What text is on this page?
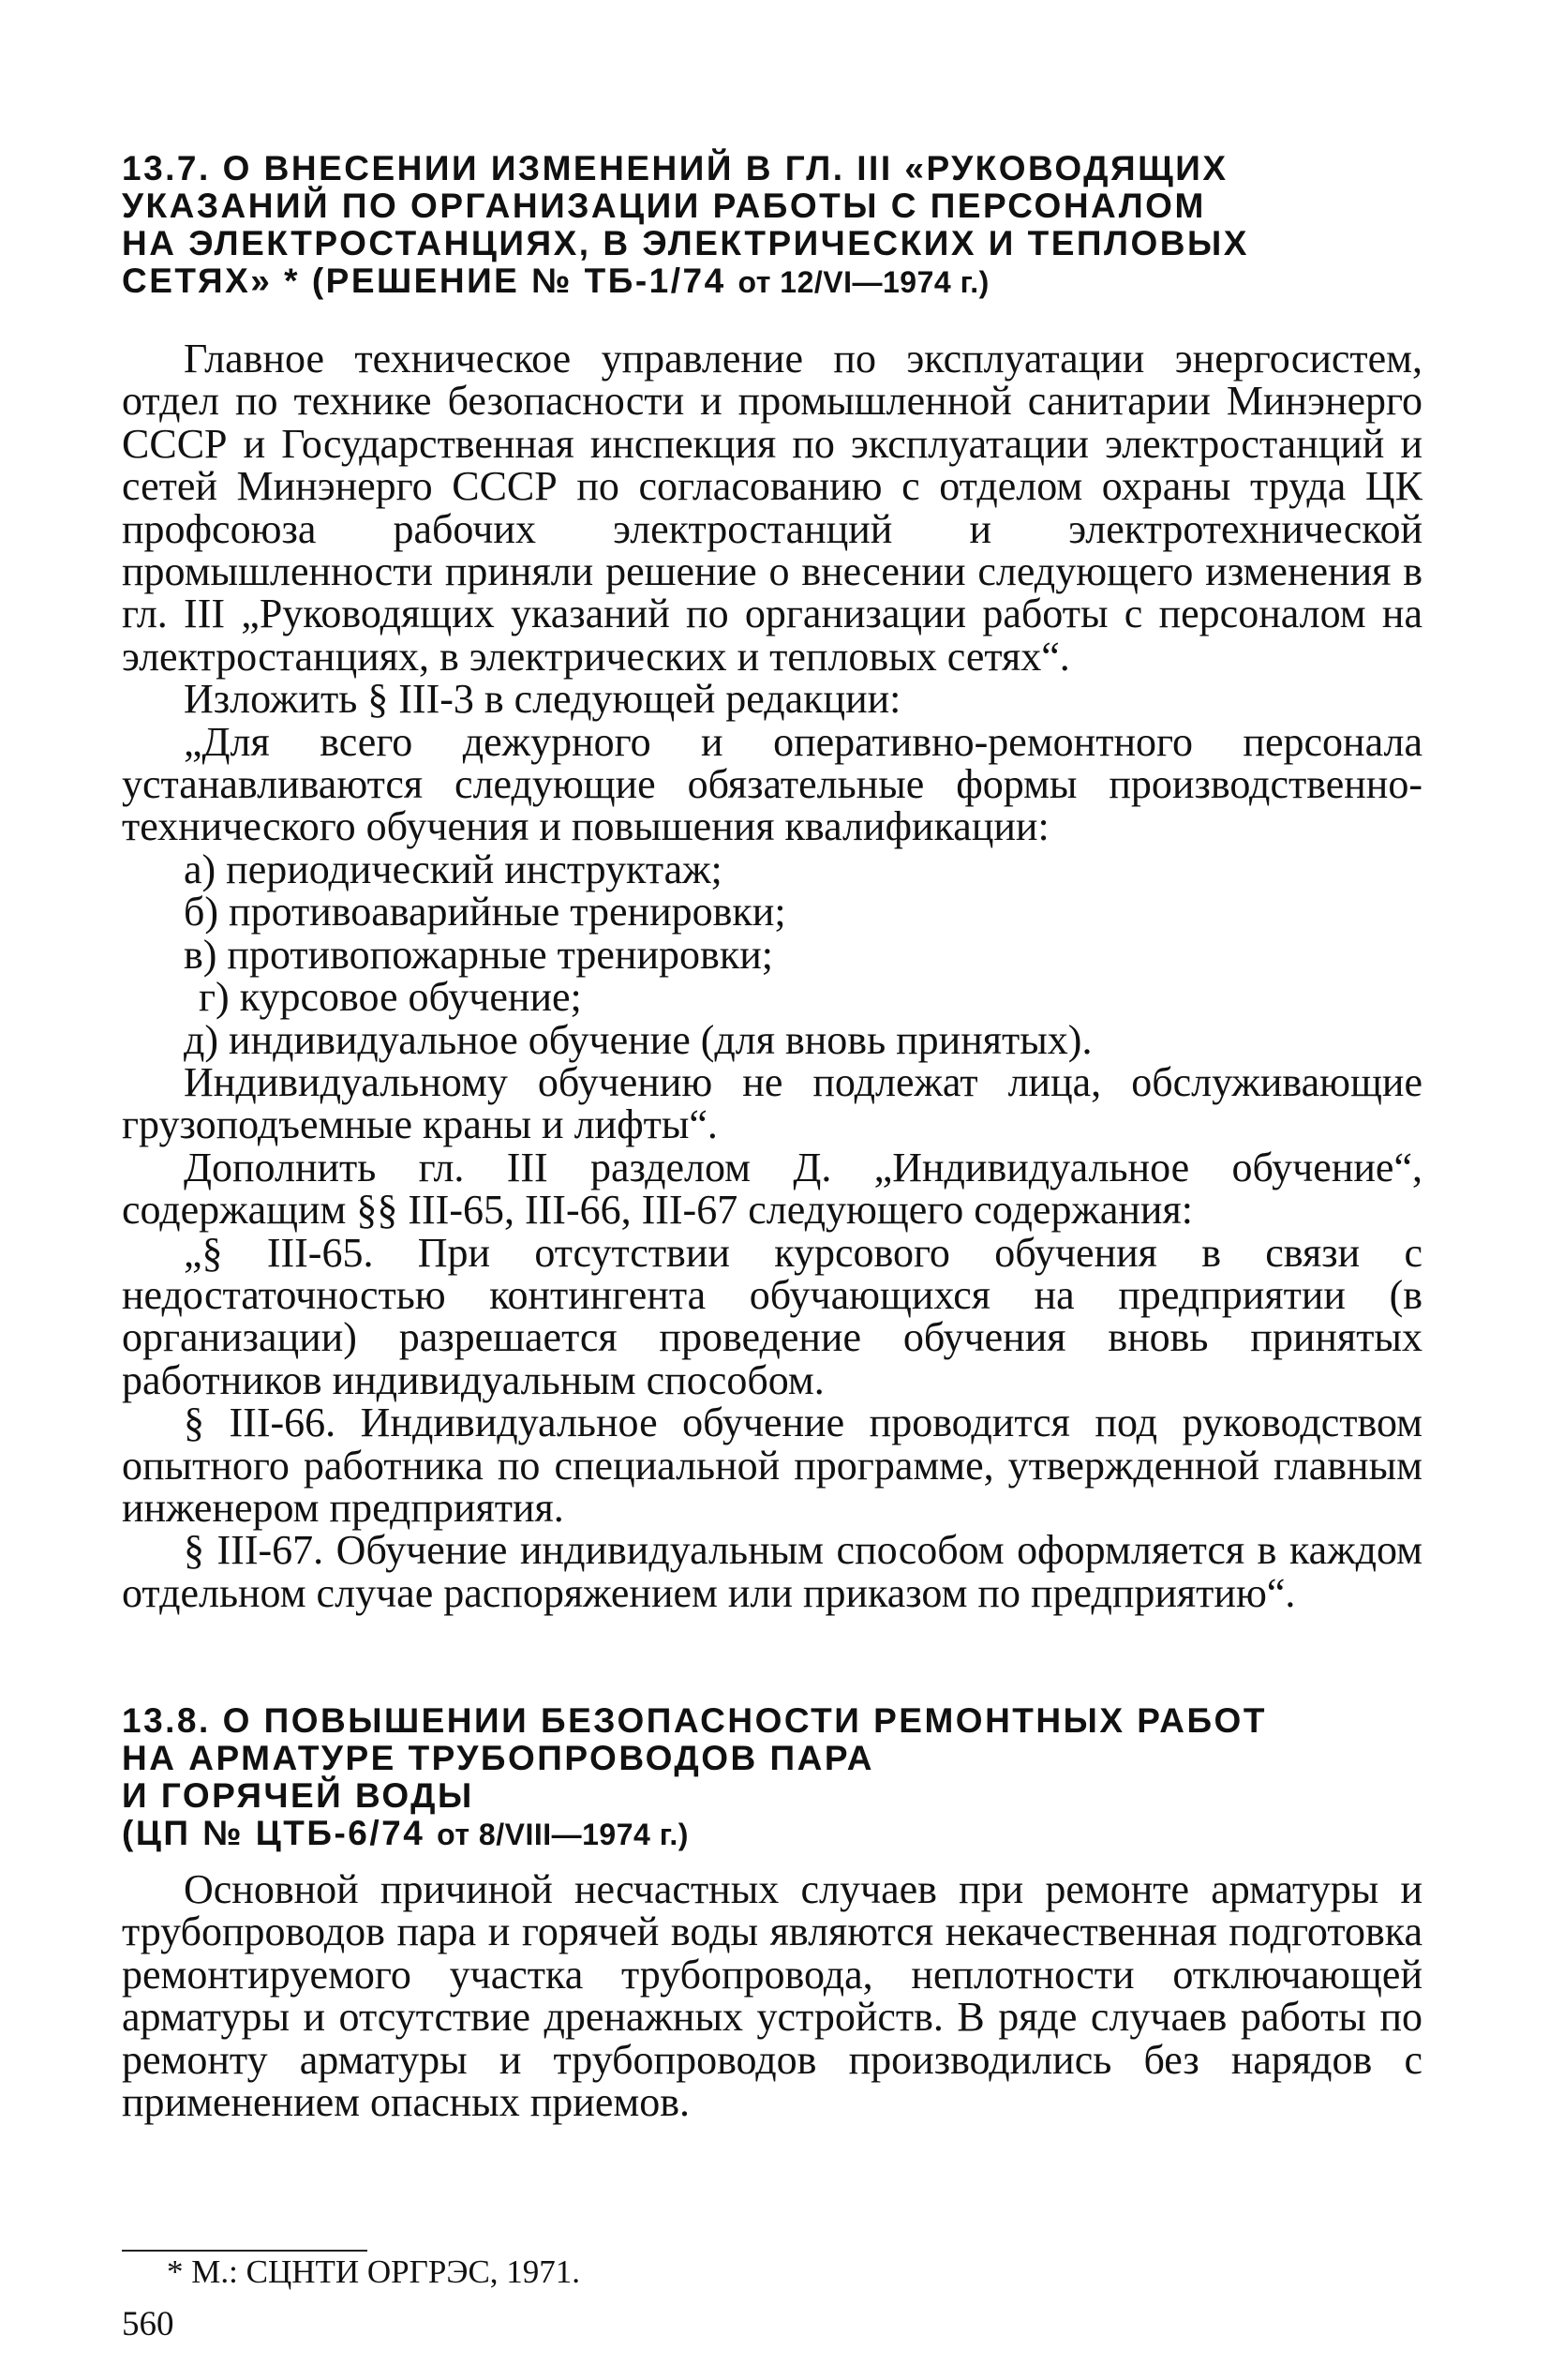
13.7. О ВНЕСЕНИИ ИЗМЕНЕНИЙ В ГЛ. III «РУКОВОДЯЩИХ

УКАЗАНИЙ ПО ОРГАНИЗАЦИИ РАБОТЫ С ПЕРСОНАЛОМ

НА ЭЛЕКТРОСТАНЦИЯХ, В ЭЛЕКТРИЧЕСКИХ И ТЕПЛОВЫХ

СЕТЯХ» * (РЕШЕНИЕ № ТБ-1/74 от 12/VI—1974 г.)

Главное техническое управление по эксплуатации энергосистем, отдел по технике безопасности и промышленной санитарии Минэнерго СССР и Государственная инспекция по эксплуатации электростанций и сетей Минэнерго СССР по согласованию с отделом охраны труда ЦК профсоюза рабочих электростанций и электротехнической промышленности приняли решение о внесении следующего изменения в гл. III „Руководящих указаний по организации работы с персоналом на электростанциях, в электрических и тепловых сетях“.

Изложить § III-3 в следующей редакции:

„Для всего дежурного и оперативно-ремонтного персонала устанавливаются следующие обязательные формы производственно-технического обучения и повышения квалификации:

а) периодический инструктаж;

б) противоаварийные тренировки;

в) противопожарные тренировки;

г) курсовое обучение;

д) индивидуальное обучение (для вновь принятых).

Индивидуальному обучению не подлежат лица, обслуживающие грузоподъемные краны и лифты“.

Дополнить гл. III разделом Д. „Индивидуальное обучение“, содержащим §§ III-65, III-66, III-67 следующего содержания:

„§ III-65. При отсутствии курсового обучения в связи с недостаточностью контингента обучающихся на предприятии (в организации) разрешается проведение обучения вновь принятых работников индивидуальным способом.

§ III-66. Индивидуальное обучение проводится под руководством опытного работника по специальной программе, утвержденной главным инженером предприятия.

§ III-67. Обучение индивидуальным способом оформляется в каждом отдельном случае распоряжением или приказом по предприятию“.

13.8. О ПОВЫШЕНИИ БЕЗОПАСНОСТИ РЕМОНТНЫХ РАБОТ

НА АРМАТУРЕ ТРУБОПРОВОДОВ ПАРА

И ГОРЯЧЕЙ ВОДЫ

(ЦП № ЦТБ-6/74 от 8/VIII—1974 г.)

Основной причиной несчастных случаев при ремонте арматуры и трубопроводов пара и горячей воды являются некачественная подготовка ремонтируемого участка трубопровода, неплотности отключающей арматуры и отсутствие дренажных устройств. В ряде случаев работы по ремонту арматуры и трубопроводов производились без нарядов с применением опасных приемов.

* М.: СЦНТИ ОРГРЭС, 1971.

560
